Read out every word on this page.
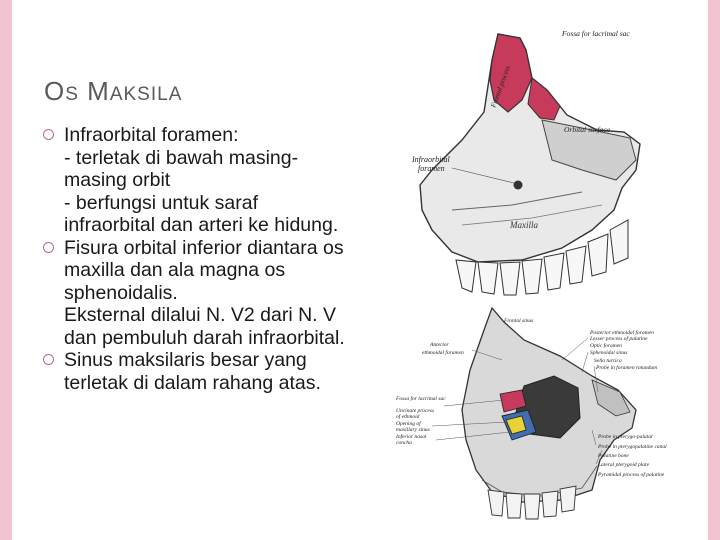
OS MAKSILA
Infraorbital foramen:
- terletak di bawah masing-
masing orbit
- berfungsi untuk saraf
infraorbital dan arteri ke hidung.
Fisura orbital inferior diantara os
maxilla dan ala magna os
sphenoidalis.
Eksternal dilalui N. V2 dari N. V
dan pembuluh darah infraorbital.
Sinus maksilaris besar yang
terletak di dalam rahang atas.
Fossa for lacrimal sac
Frontal process
Orbital surface
Infraorbital
foramen
Maxilla
Frontal sinus
Anterior
ethmoidal foramen
Posterior ethmoidal foramen
Lesser process of palatine
Optic foramen
Sphenoidal sinus
Sella turcica
Probe in foramen rotundum
Fossa for lacrimal sac
Uncinate process
of ethmoid
Opening of
maxillary sinus
Inferior nasal
concha
Probe in pterygo-palatal
Probe in pterygopalatine canal
Palatine bone
Lateral pterygoid plate
Pyramidal process of palatine
